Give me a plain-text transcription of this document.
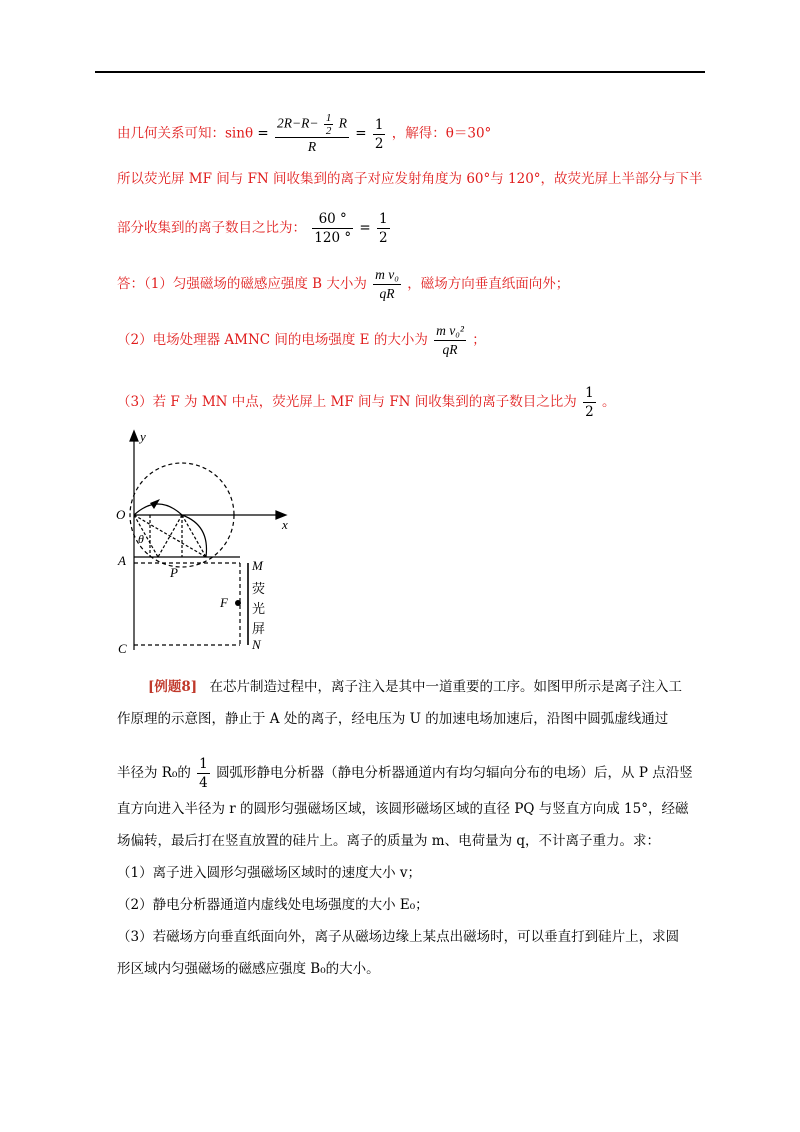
由几何关系可知：$\sin\theta = \frac{2R-R- \frac{1}{2} R}{R} = \frac{1}{2}$ ，解得：θ＝30°
所以荧光屏 MF 间与 FN 间收集到的离子对应发射角度为 60°与 120°，故荧光屏上半部分与下半
部分收集到的离子数目之比为： $\frac{60 ^\circ}{120 ^\circ} = \frac{1}{2}$
答：（1）匀强磁场的磁感应强度 B 大小为 $\frac{\text{m v₀}}{qR}$ ，磁场方向垂直纸面向外；
（2）电场处理器 AMNC 间的电场强度 E 的大小为 $\frac{\text{m v₀²}}{qR}$ ；
（3）若 F 为 MN 中点，荧光屏上 MF 间与 FN 间收集到的离子数目之比为 $\frac{1}{2}$ 。
y
x
O
θ
A
P	M
F
N
C
荧
光
屏
[例题8] 在芯片制造过程中，离子注入是其中一道重要的工序。如图甲所示是离子注入工
作原理的示意图，静止于 A 处的离子，经电压为 U 的加速电场加速后，沿图中圆弧虚线通过
半径为 R₀的 $\frac{1}{4}$ 圆弧形静电分析器（静电分析器通道内有均匀辐向分布的电场）后，从 P 点沿竖
直方向进入半径为 r 的圆形匀强磁场区域，该圆形磁场区域的直径 PQ 与竖直方向成 15°，经磁
场偏转，最后打在竖直放置的硅片上。离子的质量为 m、电荷量为 q，不计离子重力。求：
（1）离子进入圆形匀强磁场区域时的速度大小 v；
（2）静电分析器通道内虚线处电场强度的大小 E₀；
（3）若磁场方向垂直纸面向外，离子从磁场边缘上某点出磁场时，可以垂直打到硅片上，求圆
形区域内匀强磁场的磁感应强度 B₀的大小。
